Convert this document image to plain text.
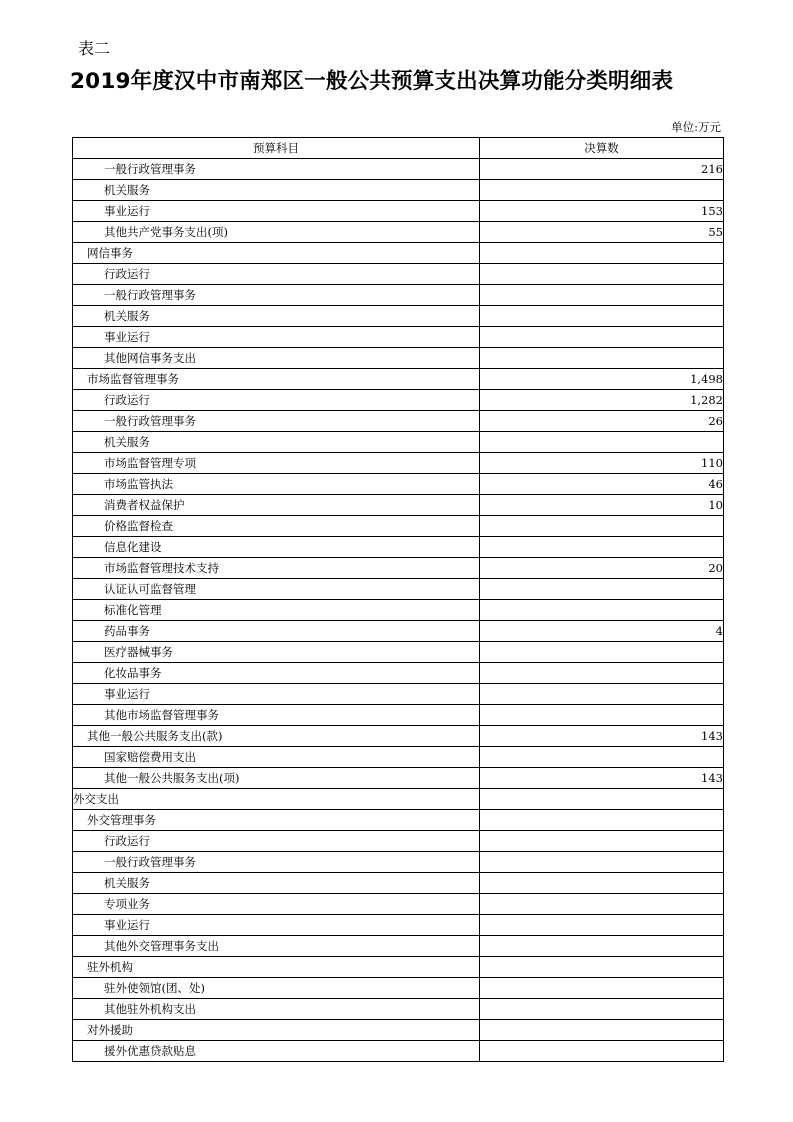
表二
2019年度汉中市南郑区一般公共预算支出决算功能分类明细表
单位:万元
预算科目	决算数
一般行政管理事务	216
机关服务	
事业运行	153
其他共产党事务支出(项)	55
网信事务	
行政运行	
一般行政管理事务	
机关服务	
事业运行	
其他网信事务支出	
市场监督管理事务	1,498
行政运行	1,282
一般行政管理事务	26
机关服务	
市场监督管理专项	110
市场监管执法	46
消费者权益保护	10
价格监督检查	
信息化建设	
市场监督管理技术支持	20
认证认可监督管理	
标准化管理	
药品事务	4
医疗器械事务	
化妆品事务	
事业运行	
其他市场监督管理事务	
其他一般公共服务支出(款)	143
国家赔偿费用支出	
其他一般公共服务支出(项)	143
外交支出	
外交管理事务	
行政运行	
一般行政管理事务	
机关服务	
专项业务	
事业运行	
其他外交管理事务支出	
驻外机构	
驻外使领馆(团、处)	
其他驻外机构支出	
对外援助	
援外优惠贷款贴息	
